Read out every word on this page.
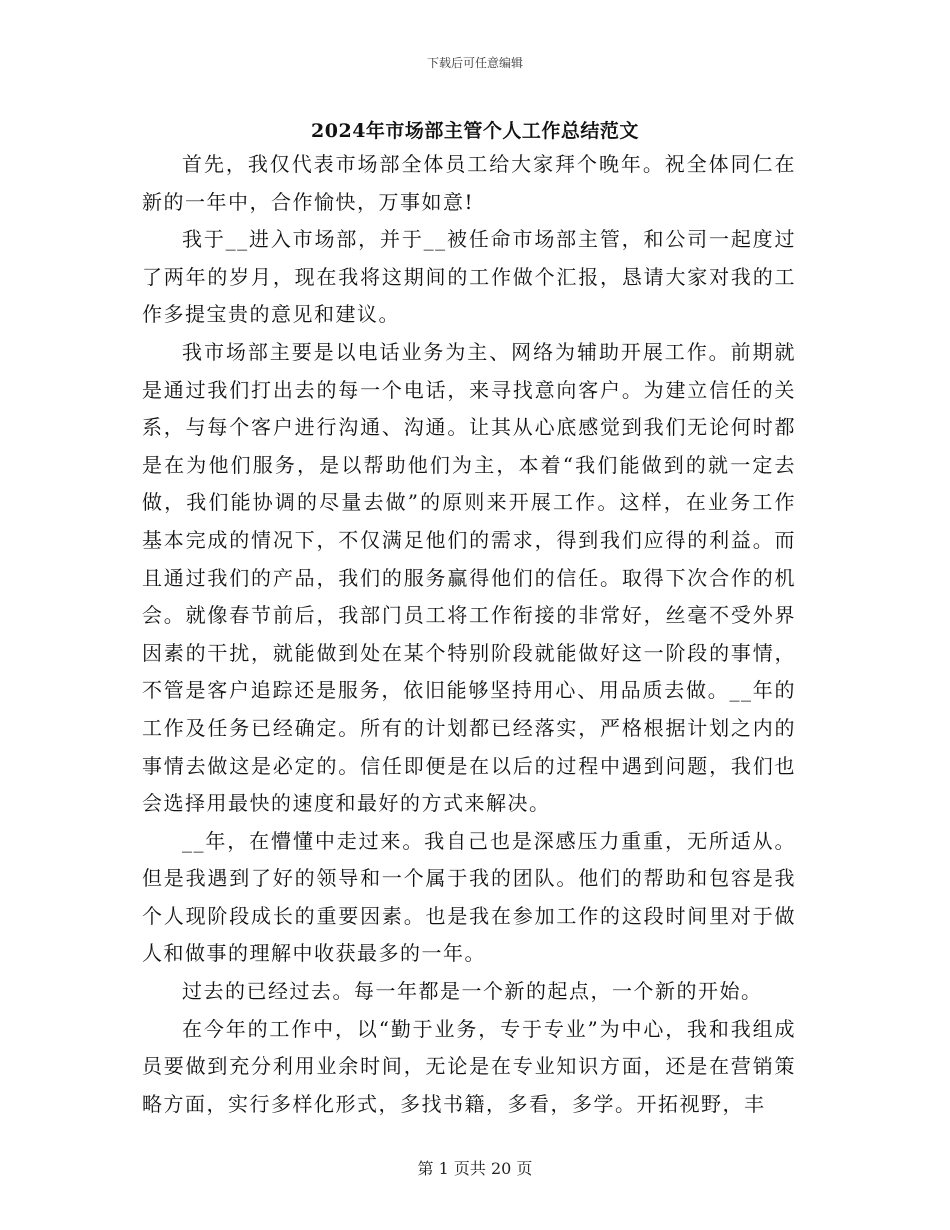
下载后可任意编辑
2024年市场部主管个人工作总结范文

首先，我仅代表市场部全体员工给大家拜个晚年。祝全体同仁在新的一年中，合作愉快，万事如意!

我于__进入市场部，并于__被任命市场部主管，和公司一起度过了两年的岁月，现在我将这期间的工作做个汇报，恳请大家对我的工作多提宝贵的意见和建议。

我市场部主要是以电话业务为主、网络为辅助开展工作。前期就是通过我们打出去的每一个电话，来寻找意向客户。为建立信任的关系，与每个客户进行沟通、沟通。让其从心底感觉到我们无论何时都是在为他们服务，是以帮助他们为主，本着“我们能做到的就一定去做，我们能协调的尽量去做”的原则来开展工作。这样，在业务工作基本完成的情况下，不仅满足他们的需求，得到我们应得的利益。而且通过我们的产品，我们的服务赢得他们的信任。取得下次合作的机会。就像春节前后，我部门员工将工作衔接的非常好，丝毫不受外界因素的干扰，就能做到处在某个特别阶段就能做好这一阶段的事情，不管是客户追踪还是服务，依旧能够坚持用心、用品质去做。__年的工作及任务已经确定。所有的计划都已经落实，严格根据计划之内的事情去做这是必定的。信任即便是在以后的过程中遇到问题，我们也会选择用最快的速度和最好的方式来解决。

__年，在懵懂中走过来。我自己也是深感压力重重，无所适从。但是我遇到了好的领导和一个属于我的团队。他们的帮助和包容是我个人现阶段成长的重要因素。也是我在参加工作的这段时间里对于做人和做事的理解中收获最多的一年。

过去的已经过去。每一年都是一个新的起点，一个新的开始。

在今年的工作中，以“勤于业务，专于专业”为中心，我和我组成员要做到充分利用业余时间，无论是在专业知识方面，还是在营销策略方面，实行多样化形式，多找书籍，多看，多学。开拓视野，丰

第 1 页共 20 页
